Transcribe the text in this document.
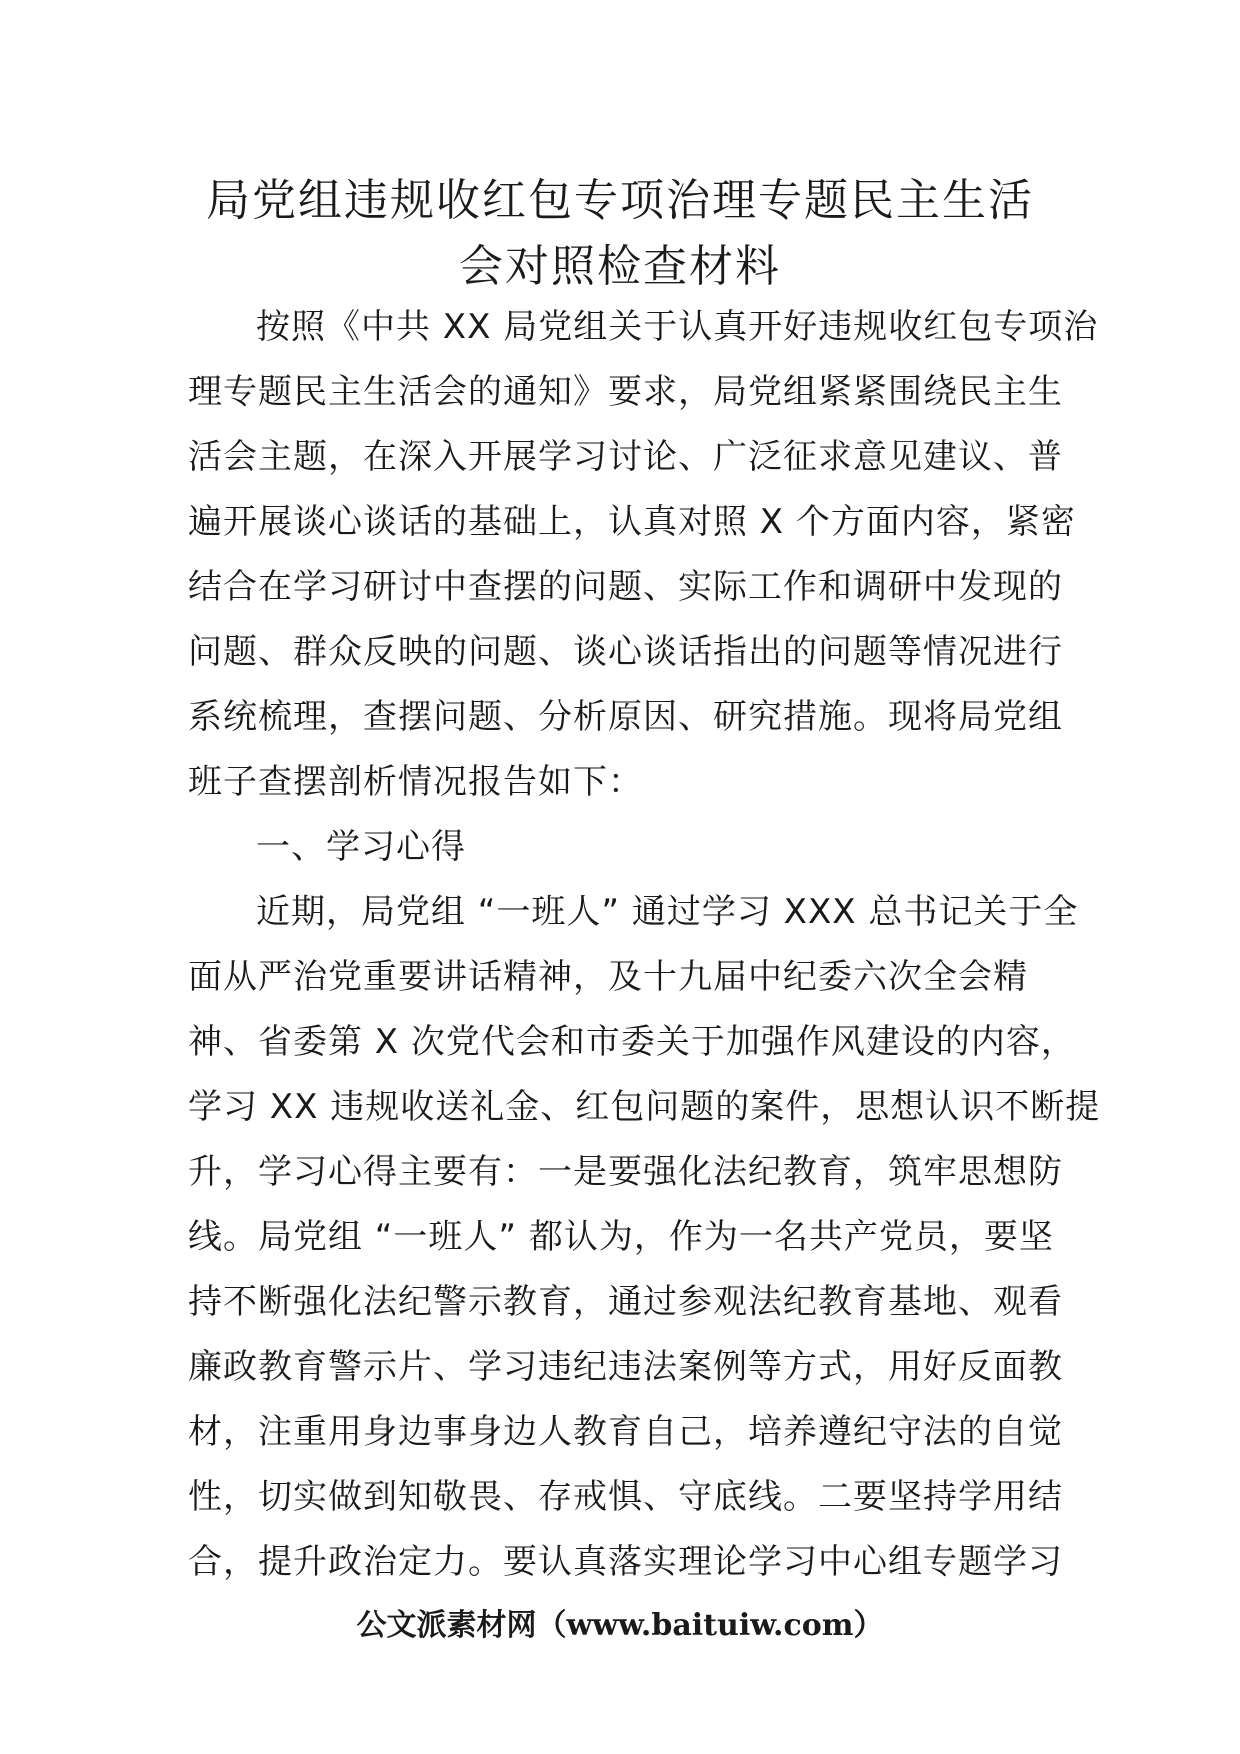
局党组违规收红包专项治理专题民主生活
会对照检查材料
按照《中共 XX 局党组关于认真开好违规收红包专项治
理专题民主生活会的通知》要求，局党组紧紧围绕民主生
活会主题，在深入开展学习讨论、广泛征求意见建议、普
遍开展谈心谈话的基础上，认真对照 X 个方面内容，紧密
结合在学习研讨中查摆的问题、实际工作和调研中发现的
问题、群众反映的问题、谈心谈话指出的问题等情况进行
系统梳理，查摆问题、分析原因、研究措施。现将局党组
班子查摆剖析情况报告如下：
一、学习心得
近期，局党组 “一班人” 通过学习 XXX 总书记关于全
面从严治党重要讲话精神，及十九届中纪委六次全会精
神、省委第 X 次党代会和市委关于加强作风建设的内容，
学习 XX 违规收送礼金、红包问题的案件，思想认识不断提
升，学习心得主要有：一是要强化法纪教育，筑牢思想防
线。局党组 “一班人” 都认为，作为一名共产党员，要坚
持不断强化法纪警示教育，通过参观法纪教育基地、观看
廉政教育警示片、学习违纪违法案例等方式，用好反面教
材，注重用身边事身边人教育自己，培养遵纪守法的自觉
性，切实做到知敬畏、存戒惧、守底线。二要坚持学用结
合，提升政治定力。要认真落实理论学习中心组专题学习
公文派素材网（www.baituiw.com）
